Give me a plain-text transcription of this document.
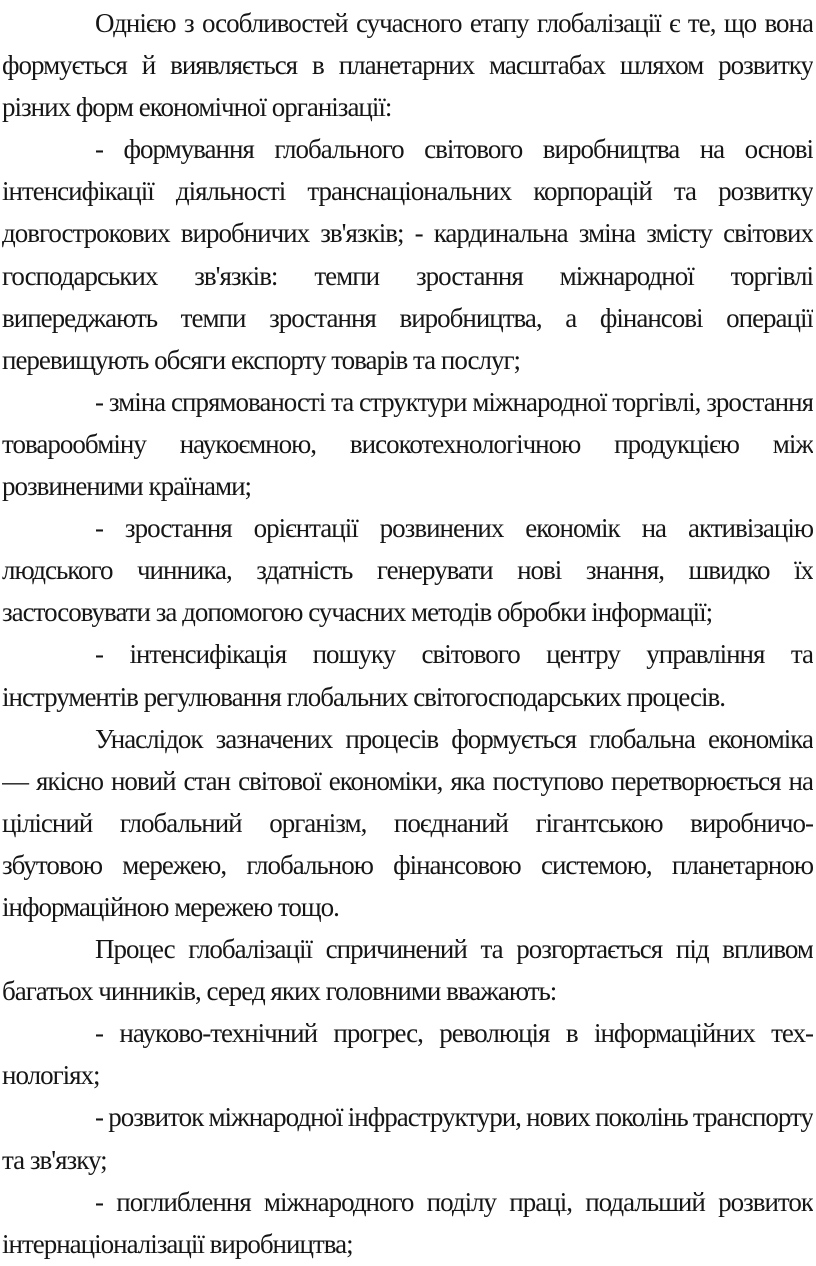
Однією з особливостей сучасного етапу глобалізації є те, що вона
формується й виявляється в планетарних масштабах шляхом розвитку
різних форм економічної організації:
- формування глобального світового виробництва на основі
інтенсифікації діяльності транснаціональних корпорацій та розвитку
довгострокових виробничих зв'язків; - кардинальна зміна змісту світових
господарських зв'язків: темпи зростання міжнародної торгівлі
випереджають темпи зростання виробництва, а фінансові операції
перевищують обсяги експорту товарів та послуг;
- зміна спрямованості та структури міжнародної торгівлі, зростання
товарообміну наукоємною, високотехнологічною продукцією між
розвиненими країнами;
- зростання орієнтації розвинених економік на активізацію
людського чинника, здатність генерувати нові знання, швидко їх
застосовувати за допомогою сучасних методів обробки інформації;
- інтенсифікація пошуку світового центру управління та
інструментів регулювання глобальних світогосподарських процесів.
Унаслідок зазначених процесів формується глобальна економіка
— якісно новий стан світової економіки, яка поступово перетворюється на
цілісний глобальний організм, поєднаний гігантською виробничо-
збутовою мережею, глобальною фінансовою системою, планетарною
інформаційною мережею тощо.
Процес глобалізації спричинений та розгортається під впливом
багатьох чинників, серед яких головними вважають:
- науково-технічний прогрес, революція в інформаційних тех-
нологіях;
- розвиток міжнародної інфраструктури, нових поколінь транспорту
та зв'язку;
- поглиблення міжнародного поділу праці, подальший розвиток
інтернаціоналізації виробництва;
